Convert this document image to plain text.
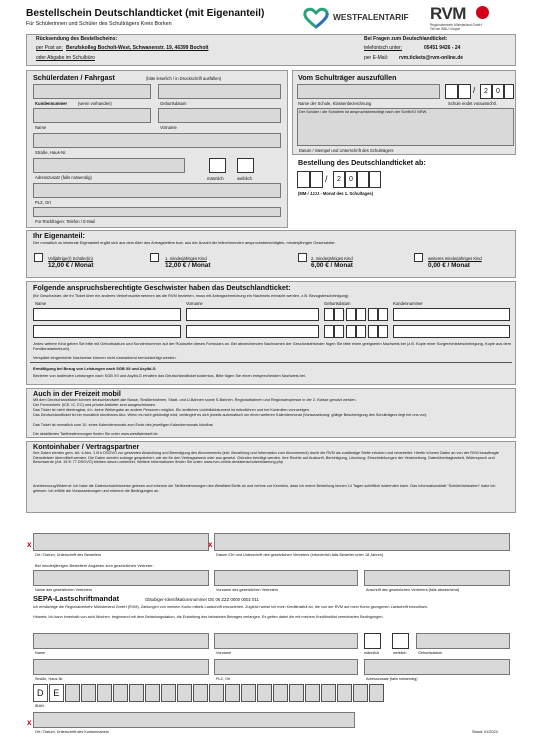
Bestellschein Deutschlandticket (mit Eigenanteil)
Für Schülerinnen und Schüler des Schulträgers Kreis Borken
WESTFALENTARIF RVM
Regionalverkehr Münsterland GmbH
Teil der WBU Gruppe
Rücksendung des Bestellscheins:
per Post an: Berufskolleg Bocholt-West, Schwanenstr. 19, 46399 Bocholt
oder Abgabe im Schulbüro
Bei Fragen zum Deutschlandticket:
telefonisch unter:	05451 9426 - 24
per E-Mail: rvm.tickets@rvm-online.de
Schülerdaten / Fahrgast	(bitte leserlich / in Druckschrift ausfüllen)
Kundennummer	(wenn vorhanden)	Geburtsdatum
Name	Vorname
Straße, Haus-Nr.
Adresszusatz (falls notwendig)	männlich	weiblich
PLZ, Ort
Für Rückfragen: Telefon / E-Mail
Vom Schulträger auszufüllen
/	2	0
Name der Schule, Klassenbezeichnung	Schule endet voraussichtl.
Der Schüler / die Schülerin ist anspruchsberechtigt nach der SchfkVO NRW.
Datum / Stempel und Unterschrift des Schulträgers
Bestellung des Deutschlandticket ab:
/	2	0
(MM / JJJJ - Monat des 1. Schultages)
Ihr Eigenanteil:
Der monatlich zu leistende Eigenanteil ergibt sich aus dem Alter des Antragstellers bzw. aus der Anzahl der teilnehmenden anspruchsberechtigten, minderjährigen Geschwister.
Volljährige(r) Schüler(in)
12,00 € / Monat
1. minderjähriges Kind
12,00 € / Monat
2. minderjähriges Kind
6,00 € / Monat
weiteres minderjähriges Kind
0,00 € / Monat
Folgende anspruchsberechtigte Geschwister haben das Deutschlandticket:
(für Geschwister, die ihr Ticket über ein anderes Verkehrsunternehmen als die RVM beziehen, muss mit Antragseinreichung ein Nachweis erbracht werden, z.B. Bezugsbescheinigung)
Name	Vorname	Geburtsdatum	Kundennummer
Jedes weitere Kind geben Sie bitte mit Geburtsdatum und Kundennummer auf der Rückseite dieses Formulars an. Bei abweichenden Nachnamen der Geschwisterkinder fügen Sie bitte einen geeigneten Nachweis bei (z.B. Kopie einer Sorgerechtsbescheinigung, Kopie aus dem Familienstammbuch).
Verspätet eingereichte Nachweise können nicht rückwirkend berücksichtigt werden.
Ermäßigung bei Bezug von Leistungen nach SGB XII und AsylbLG
Bezieher von laufenden Leistungen nach SGB XII und AsylbLG erhalten das Deutschlandticket kostenlos. Bitte fügen Sie einen entsprechenden Nachweis bei.
Auch in der Freizeit mobil
Mit dem Deutschlandticket können deutschlandweit alle Busse, Straßenbahnen, Stadt- und U-Bahnen sowie S-Bahnen, Regionalbahnen und Regionalexpresse in der 2. Klasse genutzt werden.
Der Fernverkehr (ICE, IC, EC) und private Anbieter sind ausgeschlossen.
Das Ticket ist nicht übertragbar, d.h. keine Weitergabe an andere Personen möglich. Ein amtliches Lichtbilddokument ist mitzuführen und bei Kontrollen vorzuzeigen.
Das Deutschlandticket ist ein monatlich kündbares Abo. Wenn es nicht gekündigt wird, verlängert es sich jeweils automatisch um einen weiteren Kalendermonat (Voraussetzung: gültige Beschenigung des Schulträgers liegt bei uns vor).
Das Ticket ist monatlich zum 10. eines Kalendermonats zum Ende des jeweiligen Kalendermonats kündbar.
Die detaillierten Tarifbestimmungen finden Sie unter www.westfalentarif.de
Kontoinhaber / Vertragspartner
Ihre Daten werden gem. Art. 6 Abs. 1 lit b DSGVO zur gesamten Abwicklung und Beendigung des Abonnements (inkl. Bezahlung und Information zum Abonnement) durch die RVM als zuständige Stelle erhoben und verarbeitet. Hierfür können Daten an von der RVM beauftragte Dienstleister übermittelt werden. Die Daten werden solange gespeichert, wie sie für den Vertragszweck oder aus gesetzl. Gründen benötigt werden. Ihre Rechte auf Auskunft, Berichtigung, Löschung, Einschränkungen der Verarbeitung, Datenübertragbarkeit, Widerspruch und Beschwerde (Art. 15 ff. 77 DSGVO) bleiben davon unberührt. Weitere Informationen finden Sie unter: www.rvm-online.de/datenschutzerklaerung.php
Anerkennung/Widerruf: Ich habe die Datenschutzhinweise gelesen und erkenne die Tarifbestimmungen des WestfalenTarifs an und nehme zur Kenntnis, dass ich meine Bestellung binnen 14 Tagen schriftlich widerrufen kann. Das Informationsblatt "Schülerfahrkarten" habe ich gelesen. Ich erfülle die Voraussetzungen und erkenne die Bedingungen an.
x	x
Ort / Datum, Unterschrift des Bestellers	Datum /Ort und Unterschrift des gesetzlichen Vertreters (erforderlich falls Besteller unter 18 Jahren)
Bei minderjährigen Bestellern Angaben zum gesetzlichen Vertreter:
Name des gesetzlichen Vertreters	Vorname des gesetzlichen Vertreters	Anschrift des gesetzlichen Vertreters (falls abweichend)
SEPA-Lastschriftmandat	Gläubiger-Identifikationsnummer DE 06 ZZZ 0000 0002 011
Ich ermächtige die Regionalverkehr Münsterland GmbH (RVM), Zahlungen von meinem Konto mittels Lastschrift einzuziehen. Zugleich weise ich mein Kreditinstitut an, die von der RVM auf mein Konto gezogenen Lastschrift einzulösen.
Hinweis: Ich kann innerhalb von acht Wochen, beginnend mit dem Belastungsdatum, die Erstattung des belasteten Betrages verlangen. Es gelten dabei die mit meinem Kreditinstitut vereinbarten Bedingungen.
Name	Vorname	männlich	weiblich	Geburtsdatum
Straße, Haus-Nr.	PLZ, Ort	Adresszusatz (falls notwendig)
D	E
IBAN
x
Ort / Datum, Unterschrift des Kontoinhabers	Stand: 01/2024
